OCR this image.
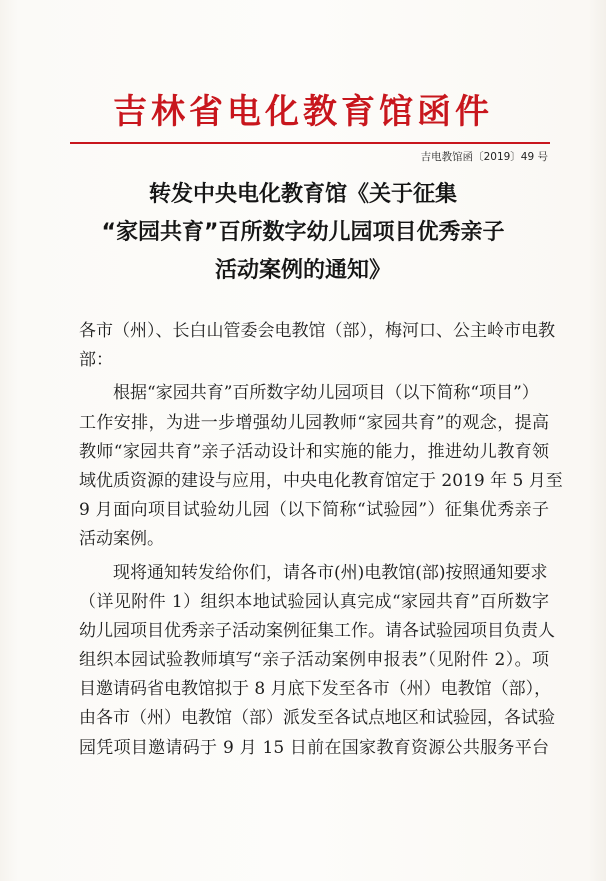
吉林省电化教育馆函件
吉电教馆函〔2019〕49 号
转发中央电化教育馆《关于征集
“家园共育”百所数字幼儿园项目优秀亲子
活动案例的通知》
各市（州）、长白山管委会电教馆（部），梅河口、公主岭市电教
部：
根据“家园共育”百所数字幼儿园项目（以下简称“项目”）
工作安排，为进一步增强幼儿园教师“家园共育”的观念，提高
教师“家园共育”亲子活动设计和实施的能力，推进幼儿教育领
域优质资源的建设与应用，中央电化教育馆定于 2019 年 5 月至
9 月面向项目试验幼儿园（以下简称“试验园”）征集优秀亲子
活动案例。
现将通知转发给你们，请各市(州)电教馆(部)按照通知要求
（详见附件 1）组织本地试验园认真完成“家园共育”百所数字
幼儿园项目优秀亲子活动案例征集工作。请各试验园项目负责人
组织本园试验教师填写“亲子活动案例申报表”（见附件 2）。项
目邀请码省电教馆拟于 8 月底下发至各市（州）电教馆（部），
由各市（州）电教馆（部）派发至各试点地区和试验园，各试验
园凭项目邀请码于 9 月 15 日前在国家教育资源公共服务平台
